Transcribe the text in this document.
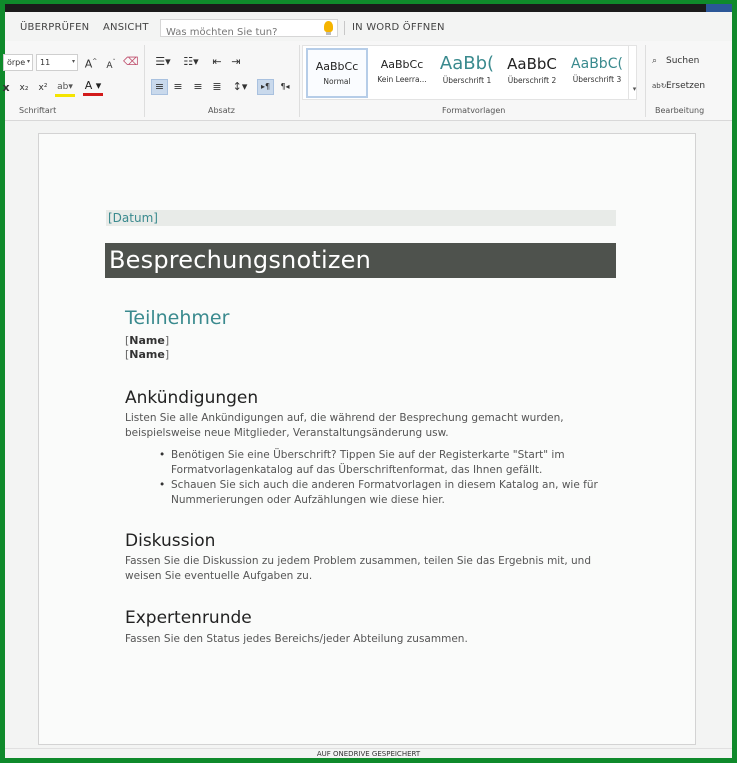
ÜBERPRÜFEN ANSICHT
Was möchten Sie tun?	IN WORD ÖFFNEN
örpe ▾	11	▾ A^ $A^ˇ$ ⌫
x x₂ x² ab▾ A ▾
Schriftart
☰▾	☷▾	⇤ ⇥
≡ ≡ ≡ ≣	↕▾	▸¶	¶◂
Absatz
AaBbCc
Normal
AaBbCc
Kein Leerra...
AaBb(
Überschrift 1
AaBbC
Überschrift 2
AaBbC(
Überschrift 3
▾
Formatvorlagen
⌕ Suchen
ab↻Ersetzen
Bearbeitung
[Datum]
Besprechungsnotizen
Teilnehmer
[Name]
[Name]
Ankündigungen
Listen Sie alle Ankündigungen auf, die während der Besprechung gemacht wurden, beispielsweise neue Mitglieder, Veranstaltungsänderung usw.
• Benötigen Sie eine Überschrift? Tippen Sie auf der Registerkarte "Start" im Formatvorlagenkatalog auf das Überschriftenformat, das Ihnen gefällt.
• Schauen Sie sich auch die anderen Formatvorlagen in diesem Katalog an, wie für Nummerierungen oder Aufzählungen wie diese hier.
Diskussion
Fassen Sie die Diskussion zu jedem Problem zusammen, teilen Sie das Ergebnis mit, und weisen Sie eventuelle Aufgaben zu.
Expertenrunde
Fassen Sie den Status jedes Bereichs/jeder Abteilung zusammen.
AUF ONEDRIVE GESPEICHERT
